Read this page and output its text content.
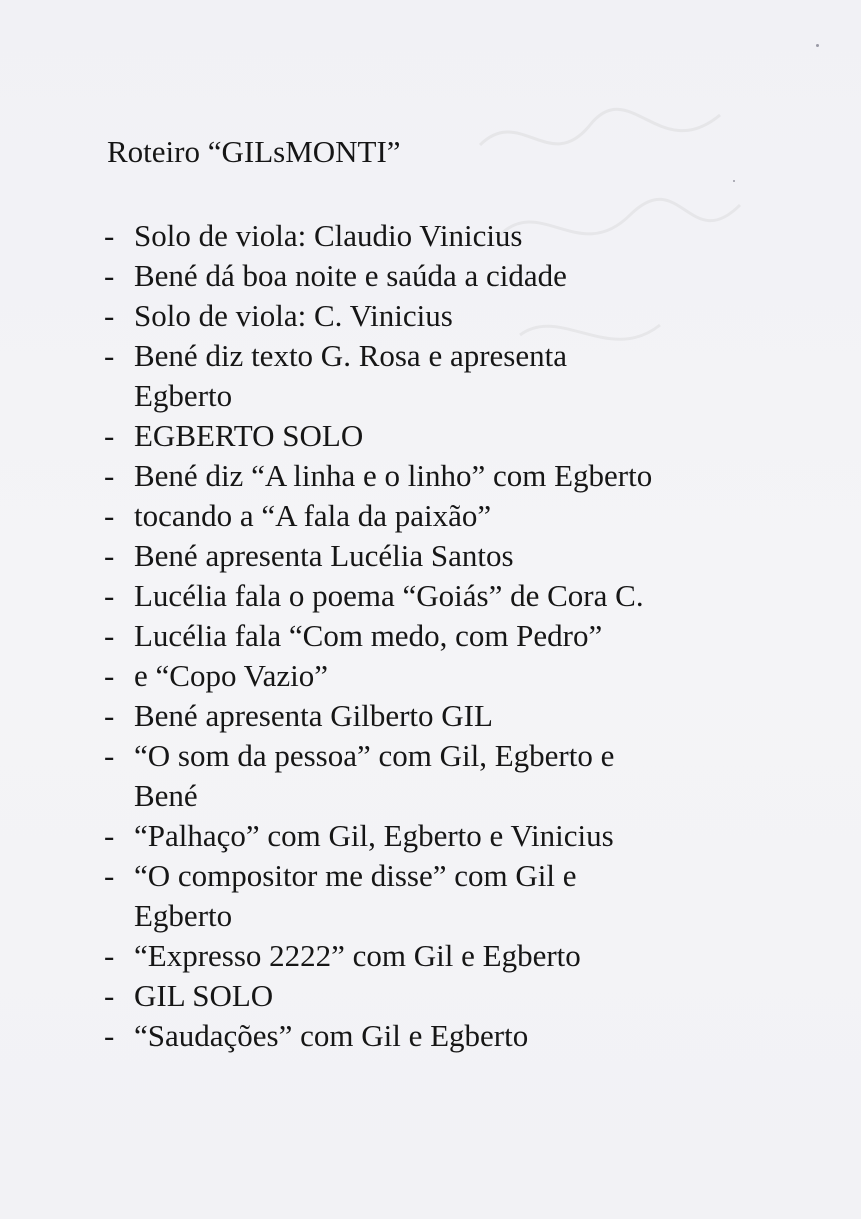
Roteiro “GILsMONTI”
- Solo de viola: Claudio Vinicius
- Bené dá boa noite e saúda a cidade
- Solo de viola: C. Vinicius
- Bené diz texto G. Rosa e apresenta
Egberto
- EGBERTO SOLO
- Bené diz “A linha e o linho” com Egberto
- tocando a “A fala da paixão”
- Bené apresenta Lucélia Santos
- Lucélia fala o poema “Goiás” de Cora C.
- Lucélia fala “Com medo, com Pedro”
- e “Copo Vazio”
- Bené apresenta Gilberto GIL
- “O som da pessoa” com Gil, Egberto e
Bené
- “Palhaço” com Gil, Egberto e Vinicius
- “O compositor me disse” com Gil e
Egberto
- “Expresso 2222” com Gil e Egberto
- GIL SOLO
- “Saudações” com Gil e Egberto
